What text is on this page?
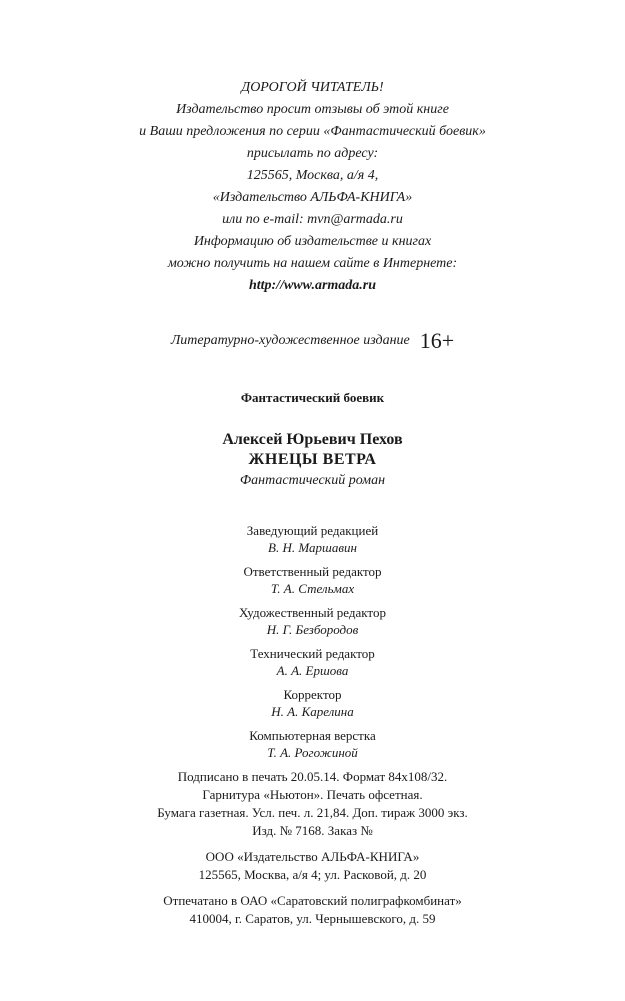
ДОРОГОЙ ЧИТАТЕЛЬ!
Издательство просит отзывы об этой книге
и Ваши предложения по серии «Фантастический боевик»
присылать по адресу:
125565, Москва, а/я 4,
«Издательство АЛЬФА-КНИГА»
или по e-mail: mvn@armada.ru
Информацию об издательстве и книгах
можно получить на нашем сайте в Интернете:
http://www.armada.ru
Литературно-художественное издание 16+
Фантастический боевик
Алексей Юрьевич Пехов
ЖНЕЦЫ ВЕТРА
Фантастический роман
Заведующий редакцией
В. Н. Маршавин
Ответственный редактор
Т. А. Стельмах
Художественный редактор
Н. Г. Безбородов
Технический редактор
А. А. Ершова
Корректор
Н. А. Карелина
Компьютерная верстка
Т. А. Рогожиной
Подписано в печать 20.05.14. Формат 84х108/32.
Гарнитура «Ньютон». Печать офсетная.
Бумага газетная. Усл. печ. л. 21,84. Доп. тираж 3000 экз.
Изд. № 7168. Заказ №
ООО «Издательство АЛЬФА-КНИГА»
125565, Москва, а/я 4; ул. Расковой, д. 20
Отпечатано в ОАО «Саратовский полиграфкомбинат»
410004, г. Саратов, ул. Чернышевского, д. 59
